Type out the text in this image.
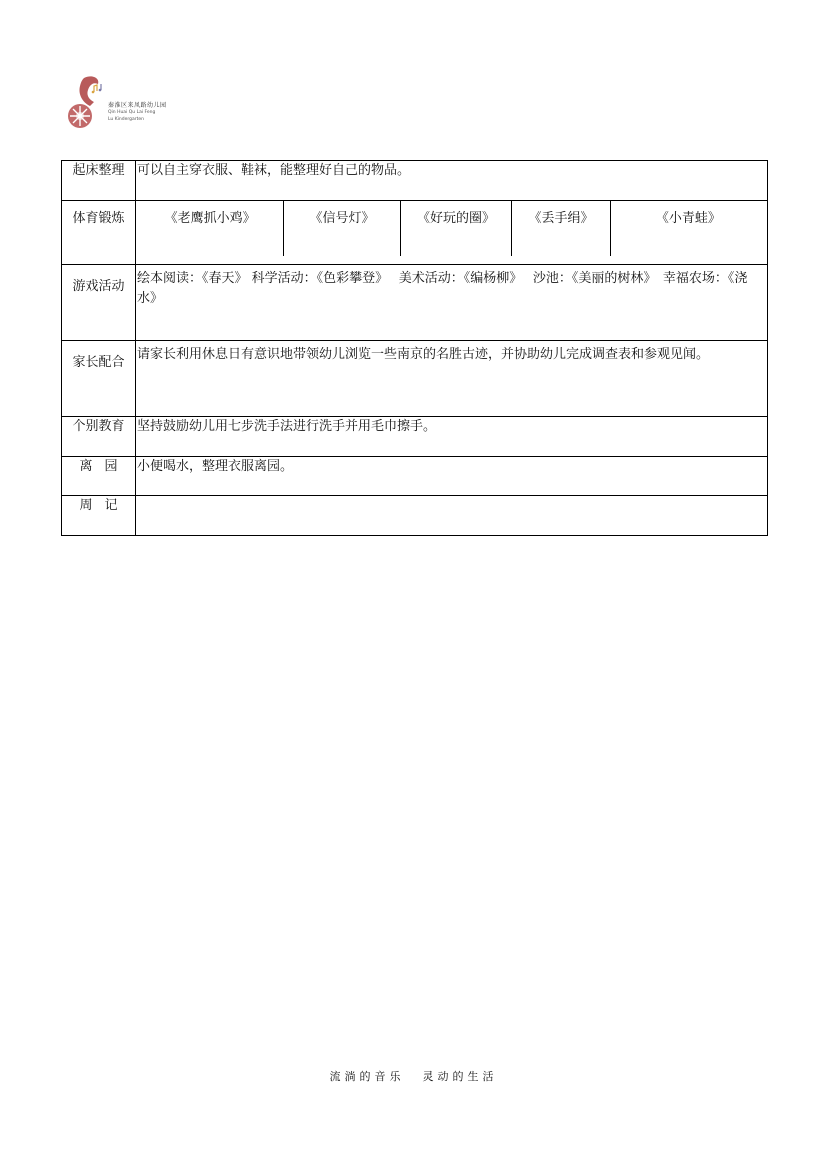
秦淮区来凤路幼儿园
Qin Huai Qu Lai Feng
Lu Kindergarten
起床整理	可以自主穿衣服、鞋袜，能整理好自己的物品。
体育锻炼	《老鹰抓小鸡》 《信号灯》 《好玩的圈》 《丢手绢》 《小青蛙》

游戏活动	绘本阅读：《春天》 科学活动：《色彩攀登》　 美术活动：《编杨柳》　 沙池：《美丽的树林》　幸福农场：《浇水》
家长配合	请家长利用休息日有意识地带领幼儿浏览一些南京的名胜古迹，并协助幼儿完成调查表和参观见闻。
个别教育	坚持鼓励幼儿用七步洗手法进行洗手并用毛巾擦手。
离园	小便喝水，整理衣服离园。
周记	
流淌的音乐 灵动的生活
